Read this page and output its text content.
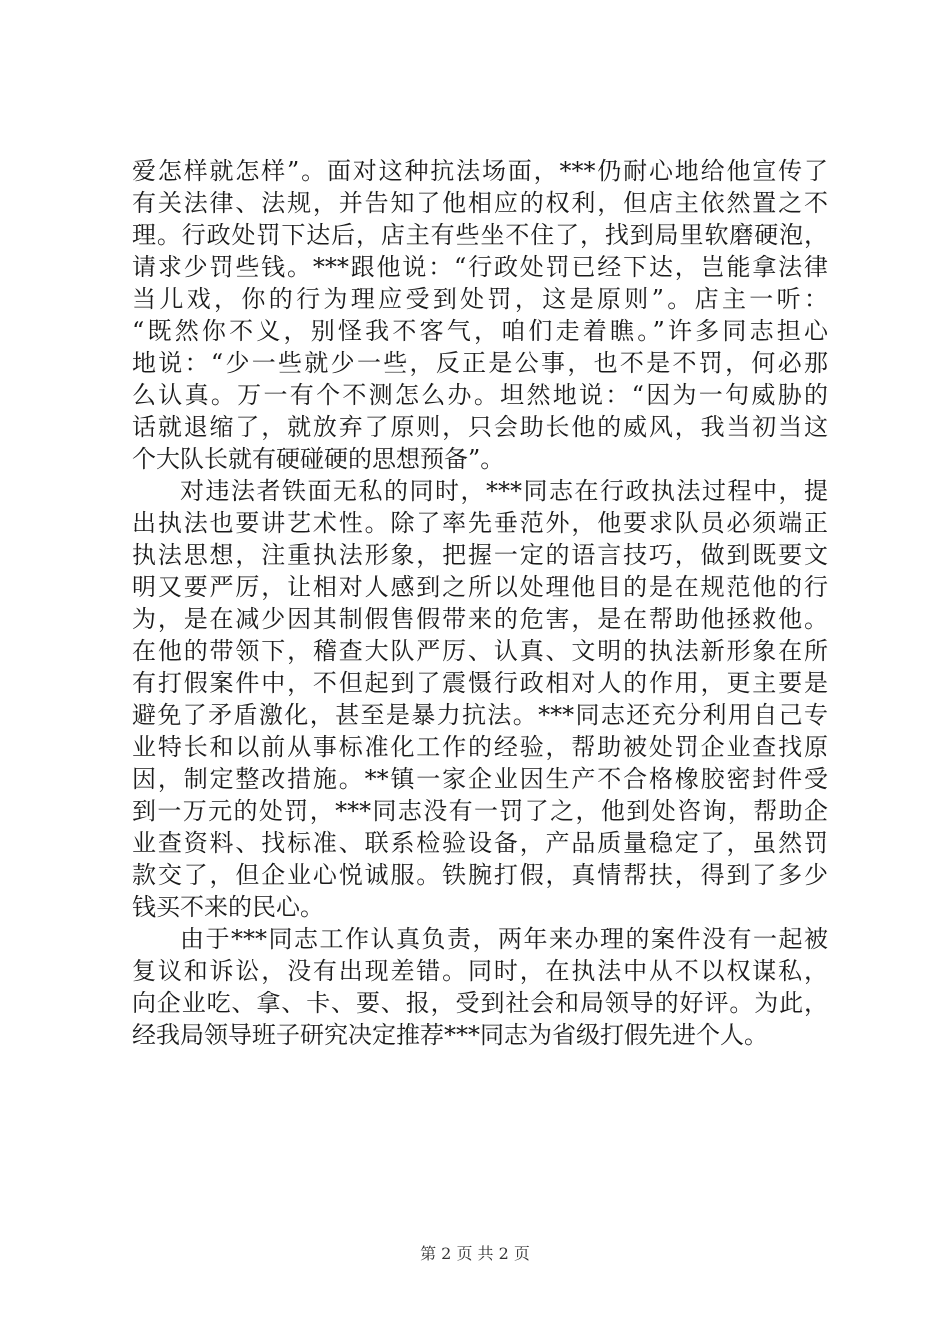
爱怎样就怎样”。面对这种抗法场面，***仍耐心地给他宣传了
有关法律、法规，并告知了他相应的权利，但店主依然置之不
理。行政处罚下达后，店主有些坐不住了，找到局里软磨硬泡，
请求少罚些钱。***跟他说：“行政处罚已经下达，岂能拿法律
当儿戏，你的行为理应受到处罚，这是原则”。店主一听：
“既然你不义，别怪我不客气，咱们走着瞧。”许多同志担心
地说：“少一些就少一些，反正是公事，也不是不罚，何必那
么认真。万一有个不测怎么办。坦然地说：“因为一句威胁的
话就退缩了，就放弃了原则，只会助长他的威风，我当初当这
个大队长就有硬碰硬的思想预备”。
对违法者铁面无私的同时，***同志在行政执法过程中，提
出执法也要讲艺术性。除了率先垂范外，他要求队员必须端正
执法思想，注重执法形象，把握一定的语言技巧，做到既要文
明又要严厉，让相对人感到之所以处理他目的是在规范他的行
为，是在减少因其制假售假带来的危害，是在帮助他拯救他。
在他的带领下，稽查大队严厉、认真、文明的执法新形象在所
有打假案件中，不但起到了震慑行政相对人的作用，更主要是
避免了矛盾激化，甚至是暴力抗法。***同志还充分利用自己专
业特长和以前从事标准化工作的经验，帮助被处罚企业查找原
因，制定整改措施。**镇一家企业因生产不合格橡胶密封件受
到一万元的处罚，***同志没有一罚了之，他到处咨询，帮助企
业查资料、找标准、联系检验设备，产品质量稳定了，虽然罚
款交了，但企业心悦诚服。铁腕打假，真情帮扶，得到了多少
钱买不来的民心。
由于***同志工作认真负责，两年来办理的案件没有一起被
复议和诉讼，没有出现差错。同时，在执法中从不以权谋私，
向企业吃、拿、卡、要、报，受到社会和局领导的好评。为此，
经我局领导班子研究决定推荐***同志为省级打假先进个人。
第 2 页 共 2 页
